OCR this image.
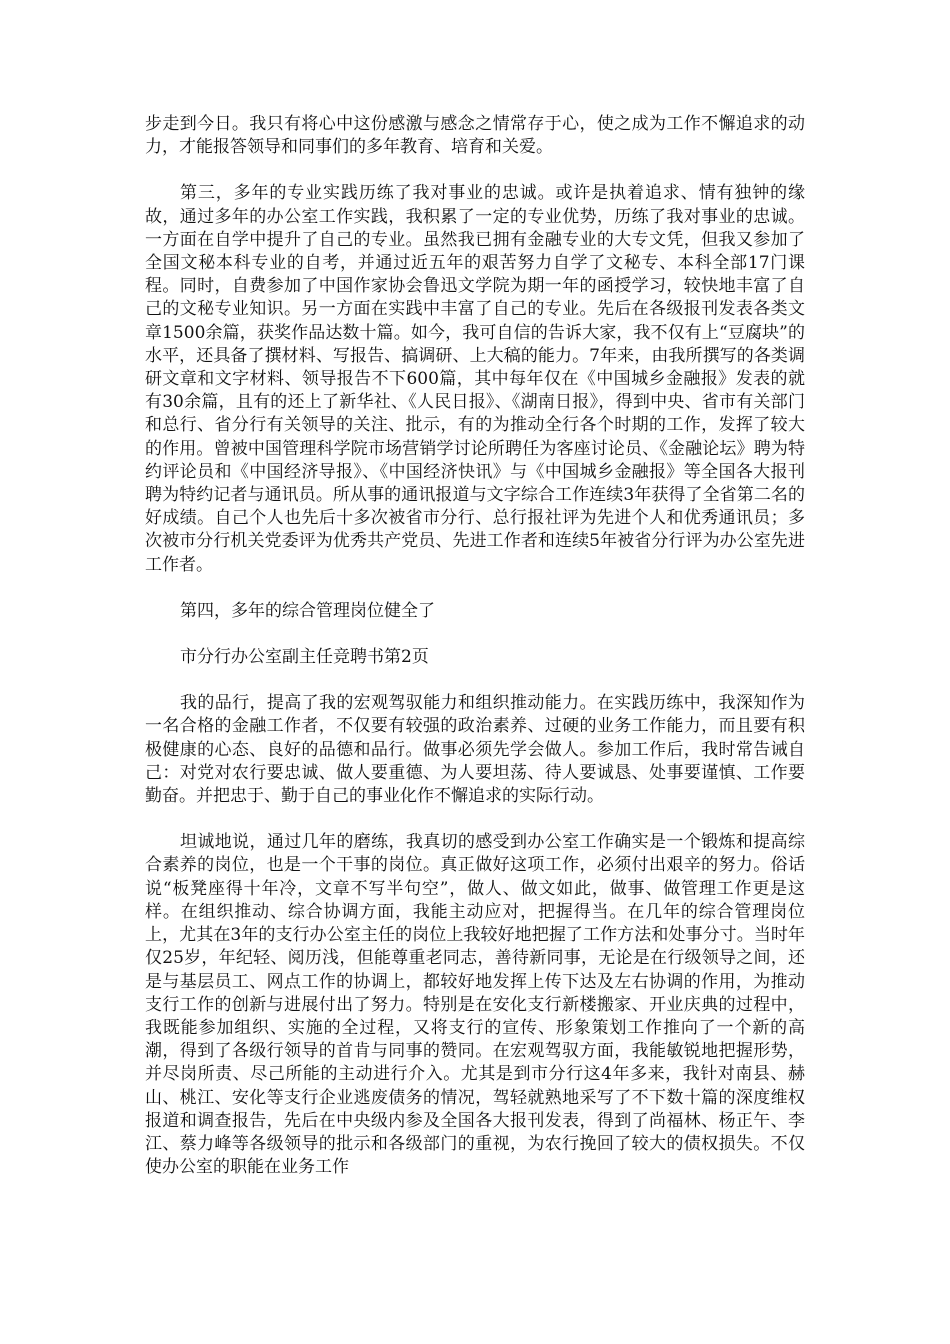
步走到今日。我只有将心中这份感激与感念之情常存于心，使之成为工作不懈追求的动力，才能报答领导和同事们的多年教育、培育和关爱。

第三，多年的专业实践历练了我对事业的忠诚。或许是执着追求、情有独钟的缘故，通过多年的办公室工作实践，我积累了一定的专业优势，历练了我对事业的忠诚。一方面在自学中提升了自己的专业。虽然我已拥有金融专业的大专文凭，但我又参加了全国文秘本科专业的自考，并通过近五年的艰苦努力自学了文秘专、本科全部17门课程。同时，自费参加了中国作家协会鲁迅文学院为期一年的函授学习，较快地丰富了自己的文秘专业知识。另一方面在实践中丰富了自己的专业。先后在各级报刊发表各类文章1500余篇，获奖作品达数十篇。如今，我可自信的告诉大家，我不仅有上“豆腐块”的水平，还具备了撰材料、写报告、搞调研、上大稿的能力。7年来，由我所撰写的各类调研文章和文字材料、领导报告不下600篇，其中每年仅在《中国城乡金融报》发表的就有30余篇，且有的还上了新华社、《人民日报》、《湖南日报》，得到中央、省市有关部门和总行、省分行有关领导的关注、批示，有的为推动全行各个时期的工作，发挥了较大的作用。曾被中国管理科学院市场营销学讨论所聘任为客座讨论员、《金融论坛》聘为特约评论员和《中国经济导报》、《中国经济快讯》与《中国城乡金融报》等全国各大报刊聘为特约记者与通讯员。所从事的通讯报道与文字综合工作连续3年获得了全省第二名的好成绩。自己个人也先后十多次被省市分行、总行报社评为先进个人和优秀通讯员；多次被市分行机关党委评为优秀共产党员、先进工作者和连续5年被省分行评为办公室先进工作者。

第四，多年的综合管理岗位健全了

市分行办公室副主任竞聘书第2页

我的品行，提高了我的宏观驾驭能力和组织推动能力。在实践历练中，我深知作为一名合格的金融工作者，不仅要有较强的政治素养、过硬的业务工作能力，而且要有积极健康的心态、良好的品德和品行。做事必须先学会做人。参加工作后，我时常告诫自己：对党对农行要忠诚、做人要重德、为人要坦荡、待人要诚恳、处事要谨慎、工作要勤奋。并把忠于、勤于自己的事业化作不懈追求的实际行动。

坦诚地说，通过几年的磨练，我真切的感受到办公室工作确实是一个锻炼和提高综合素养的岗位，也是一个干事的岗位。真正做好这项工作，必须付出艰辛的努力。俗话说“板凳座得十年冷，文章不写半句空”，做人、做文如此，做事、做管理工作更是这样。在组织推动、综合协调方面，我能主动应对，把握得当。在几年的综合管理岗位上，尤其在3年的支行办公室主任的岗位上我较好地把握了工作方法和处事分寸。当时年仅25岁，年纪轻、阅历浅，但能尊重老同志，善待新同事，无论是在行级领导之间，还是与基层员工、网点工作的协调上，都较好地发挥上传下达及左右协调的作用，为推动支行工作的创新与进展付出了努力。特别是在安化支行新楼搬家、开业庆典的过程中，我既能参加组织、实施的全过程，又将支行的宣传、形象策划工作推向了一个新的高潮，得到了各级行领导的首肯与同事的赞同。在宏观驾驭方面，我能敏锐地把握形势，并尽岗所责、尽己所能的主动进行介入。尤其是到市分行这4年多来，我针对南县、赫山、桃江、安化等支行企业逃废债务的情况，驾轻就熟地采写了不下数十篇的深度维权报道和调查报告，先后在中央级内参及全国各大报刊发表，得到了尚福林、杨正午、李江、蔡力峰等各级领导的批示和各级部门的重视，为农行挽回了较大的债权损失。不仅使办公室的职能在业务工作
